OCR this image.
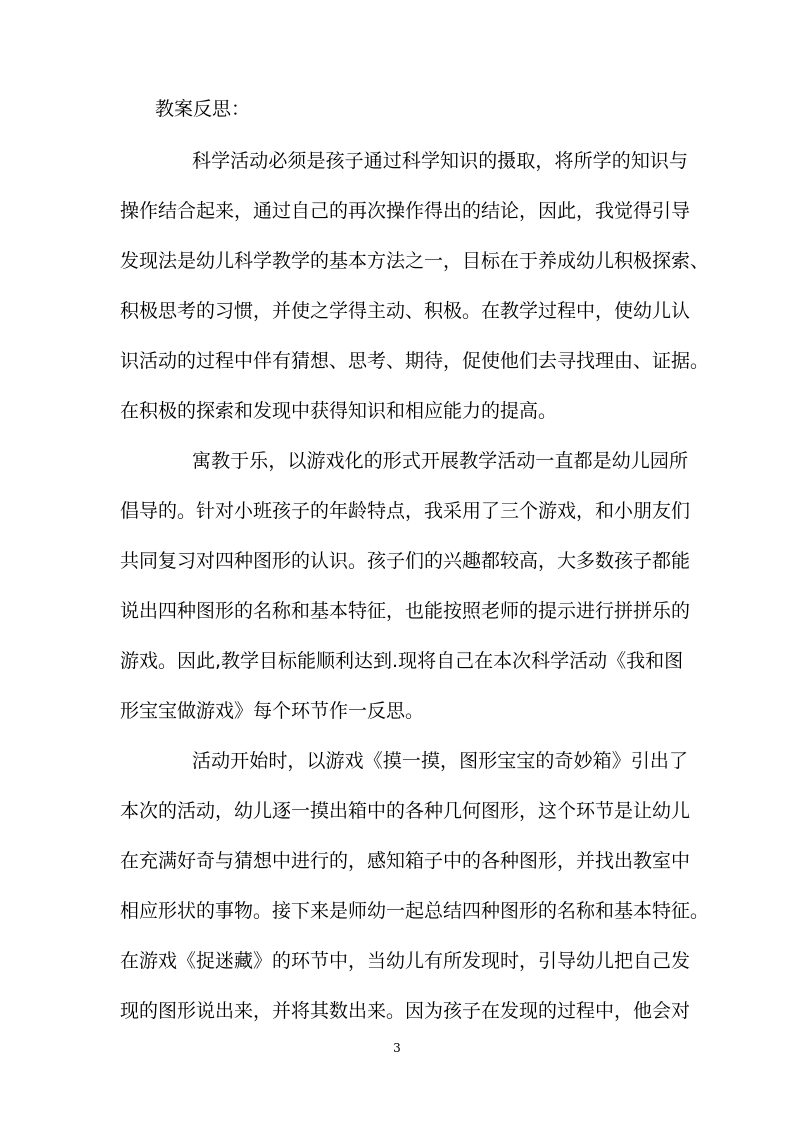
教案反思：
科学活动必须是孩子通过科学知识的摄取，将所学的知识与
操作结合起来，通过自己的再次操作得出的结论，因此，我觉得引导
发现法是幼儿科学教学的基本方法之一，目标在于养成幼儿积极探索、
积极思考的习惯，并使之学得主动、积极。在教学过程中，使幼儿认
识活动的过程中伴有猜想、思考、期待，促使他们去寻找理由、证据。
在积极的探索和发现中获得知识和相应能力的提高。
寓教于乐，以游戏化的形式开展教学活动一直都是幼儿园所
倡导的。针对小班孩子的年龄特点，我采用了三个游戏，和小朋友们
共同复习对四种图形的认识。孩子们的兴趣都较高，大多数孩子都能
说出四种图形的名称和基本特征，也能按照老师的提示进行拼拼乐的
游戏。因此,教学目标能顺利达到.现将自己在本次科学活动《我和图
形宝宝做游戏》每个环节作一反思。
活动开始时，以游戏《摸一摸，图形宝宝的奇妙箱》引出了
本次的活动，幼儿逐一摸出箱中的各种几何图形，这个环节是让幼儿
在充满好奇与猜想中进行的，感知箱子中的各种图形，并找出教室中
相应形状的事物。接下来是师幼一起总结四种图形的名称和基本特征。
在游戏《捉迷藏》的环节中，当幼儿有所发现时，引导幼儿把自己发
现的图形说出来，并将其数出来。因为孩子在发现的过程中，他会对
3
